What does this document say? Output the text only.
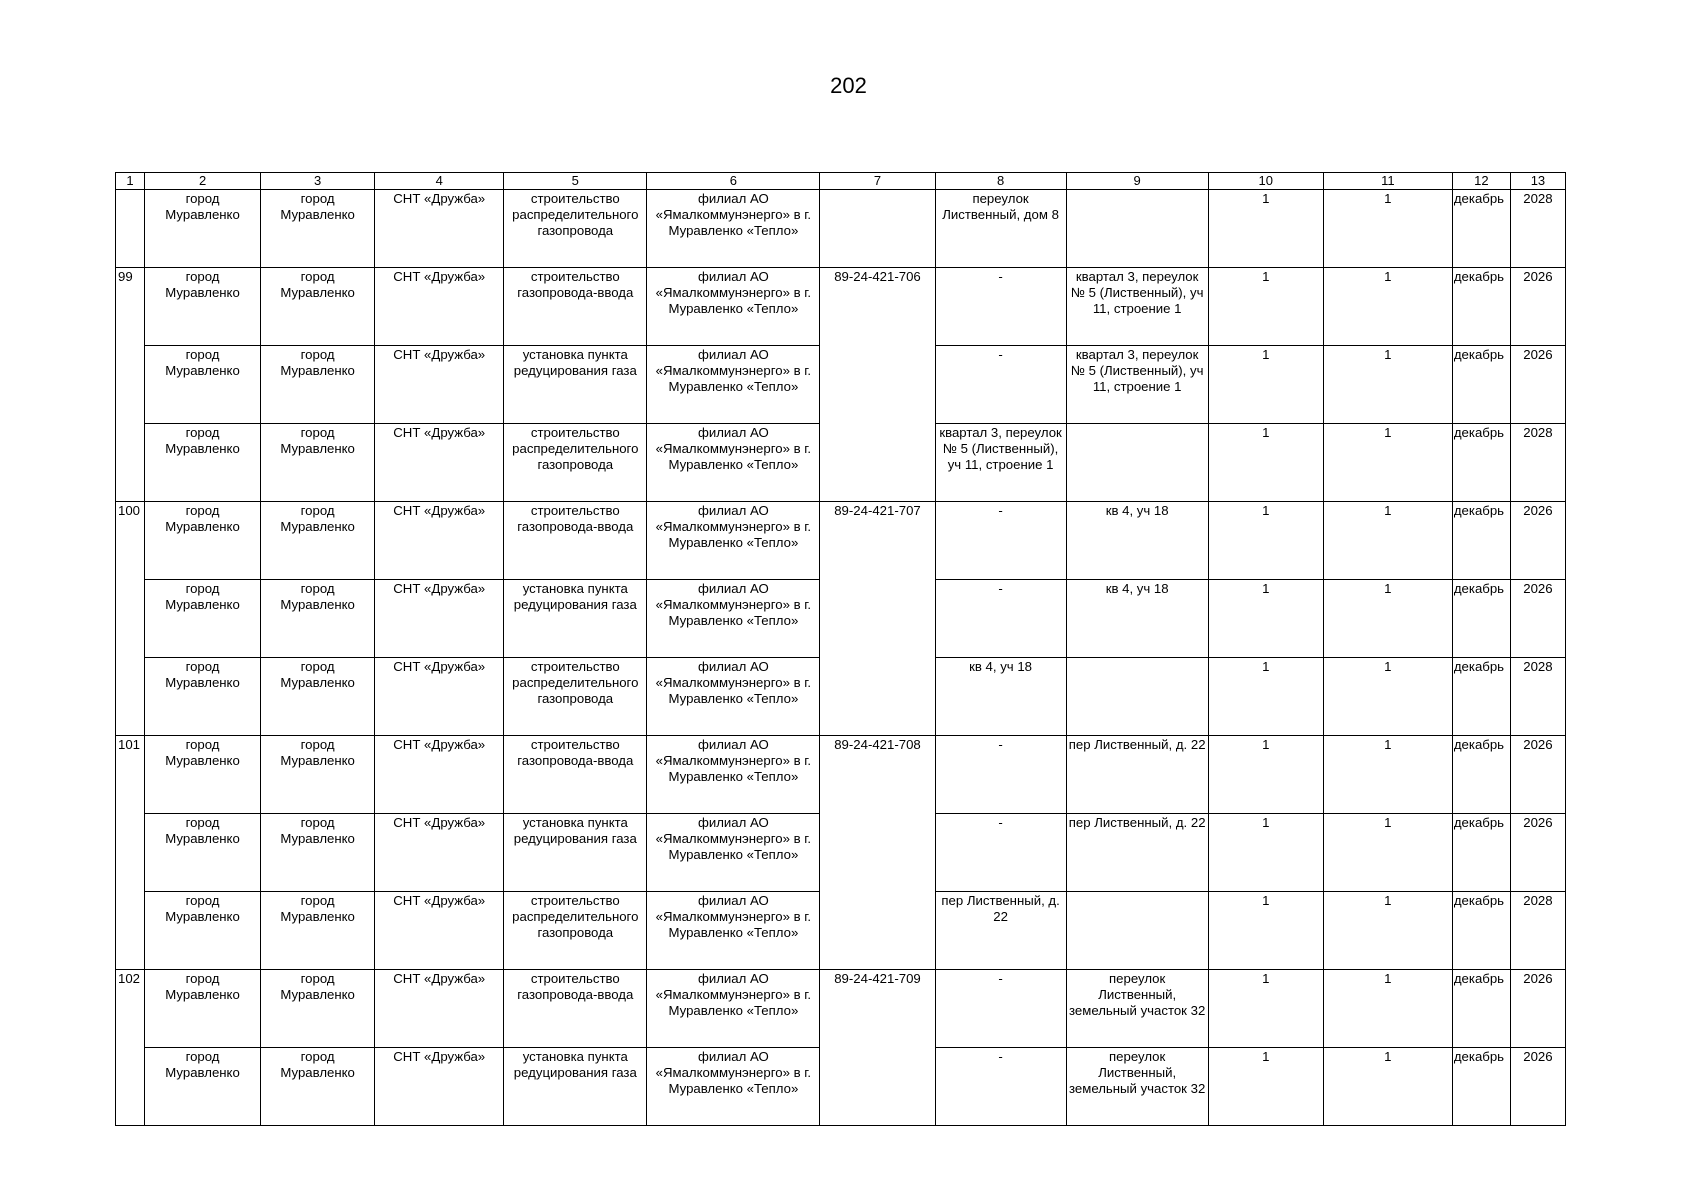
202
1	2	3	4	5	6	7	8	9	10	11	12	13
	город Муравленко	город Муравленко	СНТ «Дружба»	строительство распределительного газопровода	филиал АО «Ямалкоммунэнерго» в г. Муравленко «Тепло»		переулок Лиственный, дом 8		1	1	декабрь	2028
99	город Муравленко	город Муравленко	СНТ «Дружба»	строительство газопровода-ввода	филиал АО «Ямалкоммунэнерго» в г. Муравленко «Тепло»	89-24-421-706	-	квартал 3, переулок № 5 (Лиственный), уч 11, строение 1	1	1	декабрь	2026
	город Муравленко	город Муравленко	СНТ «Дружба»	установка пункта редуцирования газа	филиал АО «Ямалкоммунэнерго» в г. Муравленко «Тепло»		-	квартал 3, переулок № 5 (Лиственный), уч 11, строение 1	1	1	декабрь	2026
	город Муравленко	город Муравленко	СНТ «Дружба»	строительство распределительного газопровода	филиал АО «Ямалкоммунэнерго» в г. Муравленко «Тепло»		квартал 3, переулок № 5 (Лиственный), уч 11, строение 1		1	1	декабрь	2028
100	город Муравленко	город Муравленко	СНТ «Дружба»	строительство газопровода-ввода	филиал АО «Ямалкоммунэнерго» в г. Муравленко «Тепло»	89-24-421-707	-	кв 4, уч 18	1	1	декабрь	2026
	город Муравленко	город Муравленко	СНТ «Дружба»	установка пункта редуцирования газа	филиал АО «Ямалкоммунэнерго» в г. Муравленко «Тепло»		-	кв 4, уч 18	1	1	декабрь	2026
	город Муравленко	город Муравленко	СНТ «Дружба»	строительство распределительного газопровода	филиал АО «Ямалкоммунэнерго» в г. Муравленко «Тепло»		кв 4, уч 18		1	1	декабрь	2028
101	город Муравленко	город Муравленко	СНТ «Дружба»	строительство газопровода-ввода	филиал АО «Ямалкоммунэнерго» в г. Муравленко «Тепло»	89-24-421-708	-	пер Лиственный, д. 22	1	1	декабрь	2026
	город Муравленко	город Муравленко	СНТ «Дружба»	установка пункта редуцирования газа	филиал АО «Ямалкоммунэнерго» в г. Муравленко «Тепло»		-	пер Лиственный, д. 22	1	1	декабрь	2026
	город Муравленко	город Муравленко	СНТ «Дружба»	строительство распределительного газопровода	филиал АО «Ямалкоммунэнерго» в г. Муравленко «Тепло»		пер Лиственный, д. 22		1	1	декабрь	2028
102	город Муравленко	город Муравленко	СНТ «Дружба»	строительство газопровода-ввода	филиал АО «Ямалкоммунэнерго» в г. Муравленко «Тепло»	89-24-421-709	-	переулок Лиственный, земельный участок 32	1	1	декабрь	2026
	город Муравленко	город Муравленко	СНТ «Дружба»	установка пункта редуцирования газа	филиал АО «Ямалкоммунэнерго» в г. Муравленко «Тепло»		-	переулок Лиственный, земельный участок 32	1	1	декабрь	2026
